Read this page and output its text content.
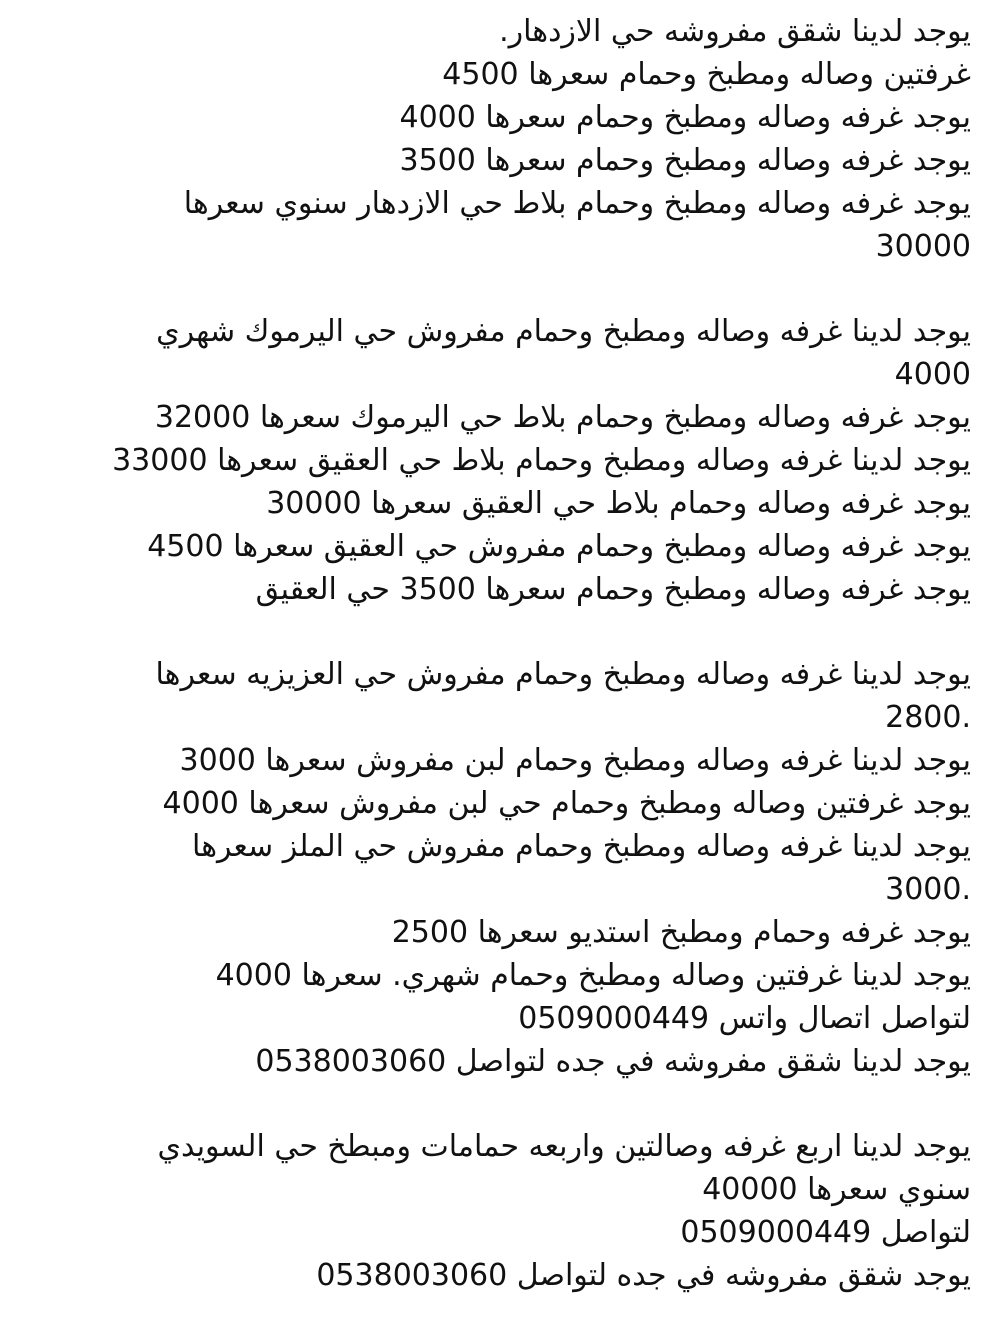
يوجد لدينا شقق مفروشه حي الازدهار.
غرفتين وصاله ومطبخ وحمام سعرها 4500
يوجد غرفه وصاله ومطبخ وحمام سعرها 4000
يوجد غرفه وصاله ومطبخ وحمام سعرها 3500
يوجد غرفه وصاله ومطبخ وحمام بلاط حي الازدهار سنوي سعرها
30000
يوجد لدينا غرفه وصاله ومطبخ وحمام مفروش حي اليرموك شهري
4000
يوجد غرفه وصاله ومطبخ وحمام بلاط حي اليرموك سعرها 32000
يوجد لدينا غرفه وصاله ومطبخ وحمام بلاط حي العقيق سعرها 33000
يوجد غرفه وصاله وحمام بلاط حي العقيق سعرها 30000
يوجد غرفه وصاله ومطبخ وحمام مفروش حي العقيق سعرها 4500
يوجد غرفه وصاله ومطبخ وحمام سعرها 3500 حي العقيق
يوجد لدينا غرفه وصاله ومطبخ وحمام مفروش حي العزيزيه سعرها
2800.
يوجد لدينا غرفه وصاله ومطبخ وحمام لبن مفروش سعرها 3000
يوجد غرفتين وصاله ومطبخ وحمام حي لبن مفروش سعرها 4000
يوجد لدينا غرفه وصاله ومطبخ وحمام مفروش حي الملز سعرها
3000.
يوجد غرفه وحمام ومطبخ استديو سعرها 2500
يوجد لدينا غرفتين وصاله ومطبخ وحمام شهري. سعرها 4000
لتواصل اتصال واتس 0509000449
يوجد لدينا شقق مفروشه في جده لتواصل 0538003060
يوجد لدينا اربع غرفه وصالتين واربعه حمامات ومبطخ حي السويدي
سنوي سعرها 40000
لتواصل 0509000449
يوجد شقق مفروشه في جده لتواصل 0538003060
